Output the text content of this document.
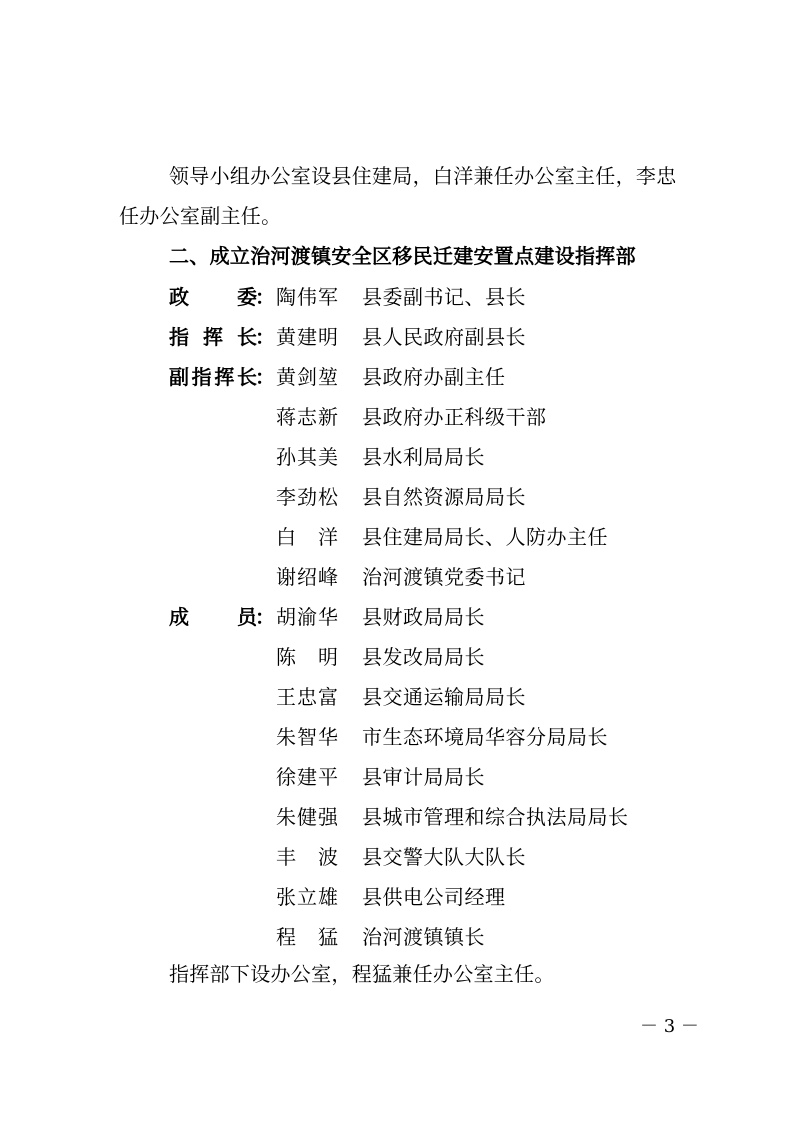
领导小组办公室设县住建局，白洋兼任办公室主任，李忠任办公室副主任。

二、成立治河渡镇安全区移民迁建安置点建设指挥部
政委
： 陶伟军 县委副书记、县长
指挥长
： 黄建明 县人民政府副县长
副指挥长
： 黄剑堃 县政府办副主任
蒋志新 县政府办正科级干部
孙其美 县水利局局长
李劲松 县自然资源局局长
白洋 县住建局局长、人防办主任
谢绍峰 治河渡镇党委书记
成员
： 胡渝华 县财政局局长
陈明 县发改局局长
王忠富 县交通运输局局长
朱智华 市生态环境局华容分局局长
徐建平 县审计局局长
朱健强 县城市管理和综合执法局局长
丰波 县交警大队大队长
张立雄 县供电公司经理
程猛 治河渡镇镇长

指挥部下设办公室，程猛兼任办公室主任。

－ 3 －
